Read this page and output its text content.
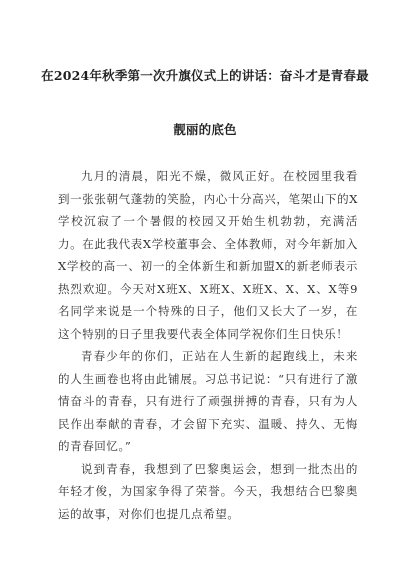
在2024年秋季第一次升旗仪式上的讲话：奋斗才是青春最
靓丽的底色

九月的清晨，阳光不燥，微风正好。在校园里我看到一张张朝气蓬勃的笑脸，内心十分高兴，笔架山下的X学校沉寂了一个暑假的校园又开始生机勃勃，充满活力。在此我代表X学校董事会、全体教师，对今年新加入X学校的高一、初一的全体新生和新加盟X的新老师表示热烈欢迎。今天对X班X、X班X、X班X、X、X、X等9名同学来说是一个特殊的日子，他们又长大了一岁，在这个特别的日子里我要代表全体同学祝你们生日快乐！

青春少年的你们，正站在人生新的起跑线上，未来的人生画卷也将由此铺展。习总书记说：“只有进行了激情奋斗的青春，只有进行了顽强拼搏的青春，只有为人民作出奉献的青春，才会留下充实、温暖、持久、无悔的青春回忆。”

说到青春，我想到了巴黎奥运会，想到一批杰出的年轻才俊，为国家争得了荣誉。今天，我想结合巴黎奥运的故事，对你们也提几点希望。
